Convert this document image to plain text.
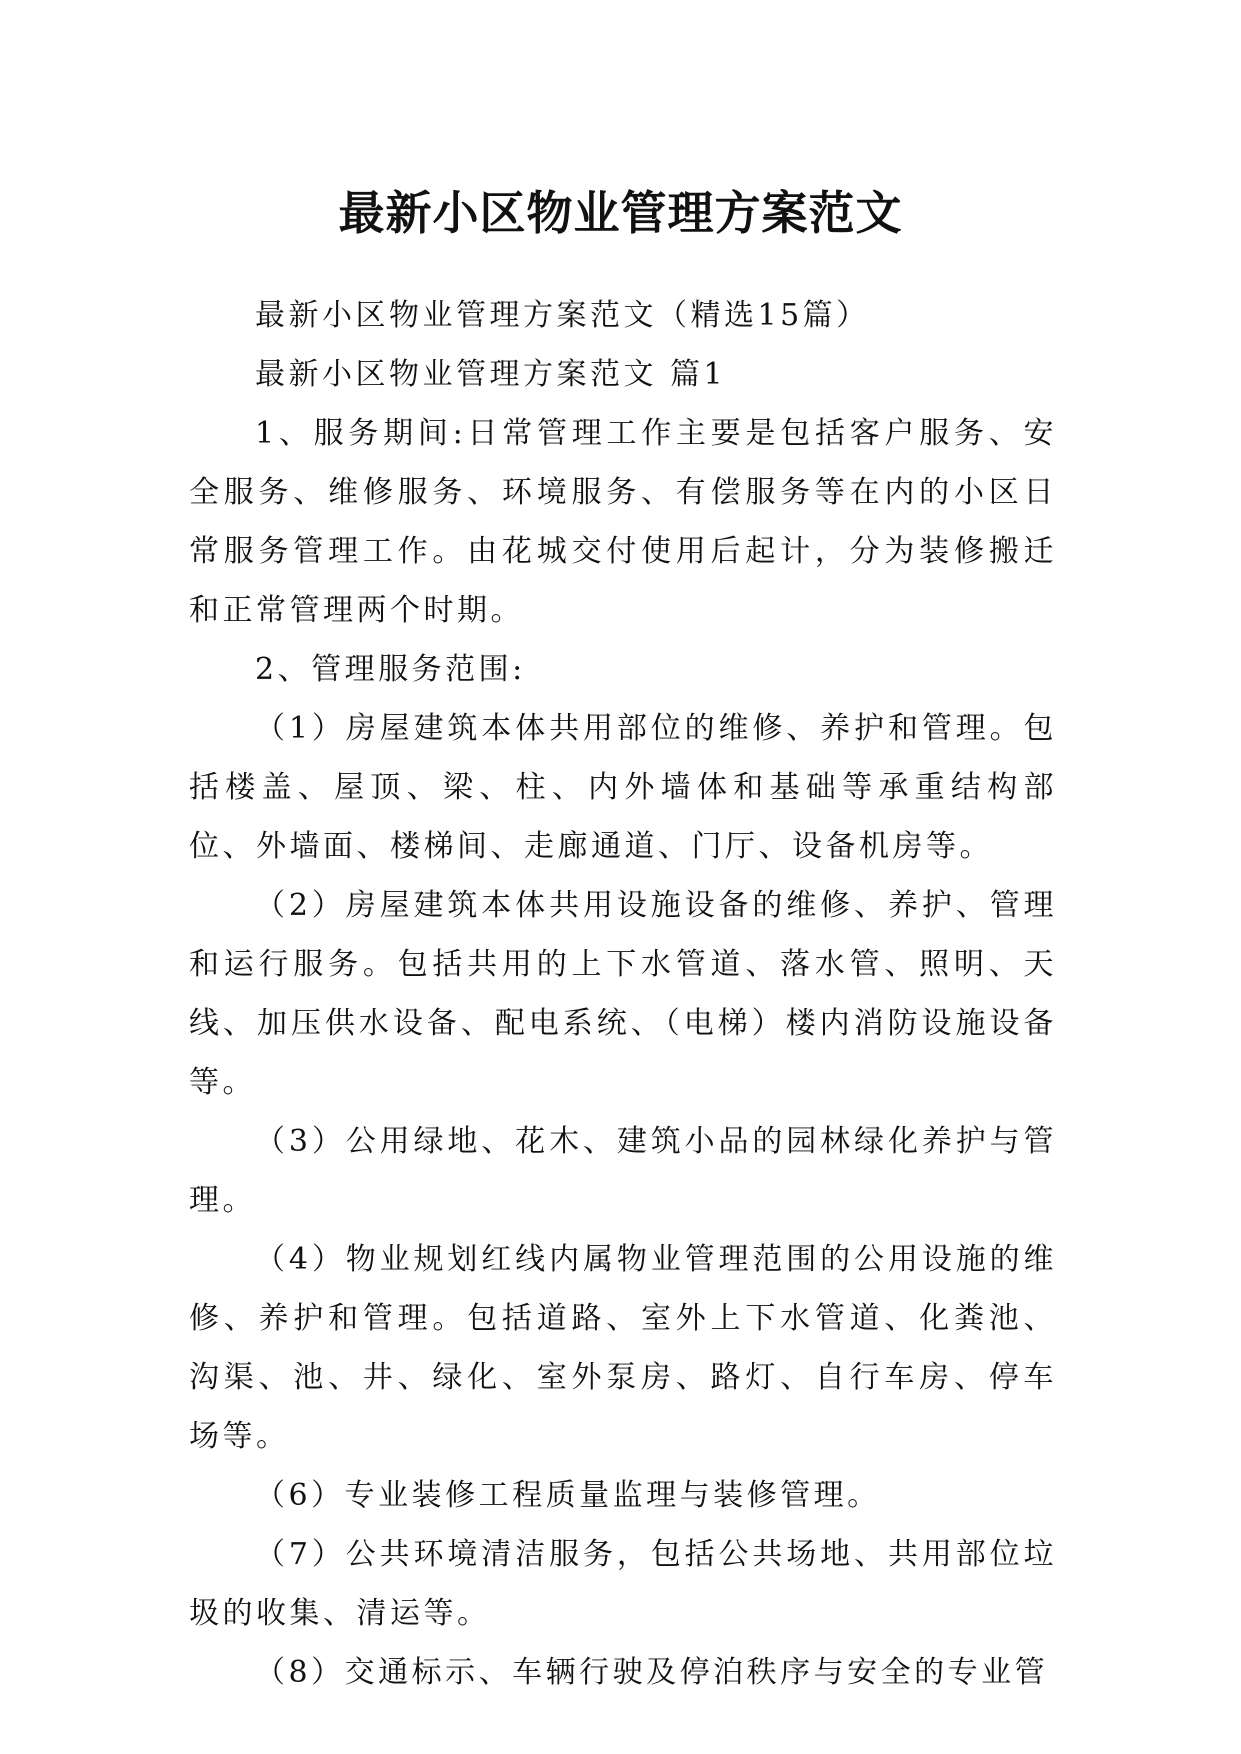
最新小区物业管理方案范文

最新小区物业管理方案范文（精选15篇）

最新小区物业管理方案范文 篇1

1、服务期间:日常管理工作主要是包括客户服务、安全服务、维修服务、环境服务、有偿服务等在内的小区日常服务管理工作。由花城交付使用后起计，分为装修搬迁和正常管理两个时期。

2、管理服务范围:

（1）房屋建筑本体共用部位的维修、养护和管理。包括楼盖、屋顶、梁、柱、内外墙体和基础等承重结构部位、外墙面、楼梯间、走廊通道、门厅、设备机房等。

（2）房屋建筑本体共用设施设备的维修、养护、管理和运行服务。包括共用的上下水管道、落水管、照明、天线、加压供水设备、配电系统、（电梯）楼内消防设施设备等。

（3）公用绿地、花木、建筑小品的园林绿化养护与管理。

（4）物业规划红线内属物业管理范围的公用设施的维修、养护和管理。包括道路、室外上下水管道、化粪池、沟渠、池、井、绿化、室外泵房、路灯、自行车房、停车场等。

（6）专业装修工程质量监理与装修管理。

（7）公共环境清洁服务，包括公共场地、共用部位垃圾的收集、清运等。

（8）交通标示、车辆行驶及停泊秩序与安全的专业管
